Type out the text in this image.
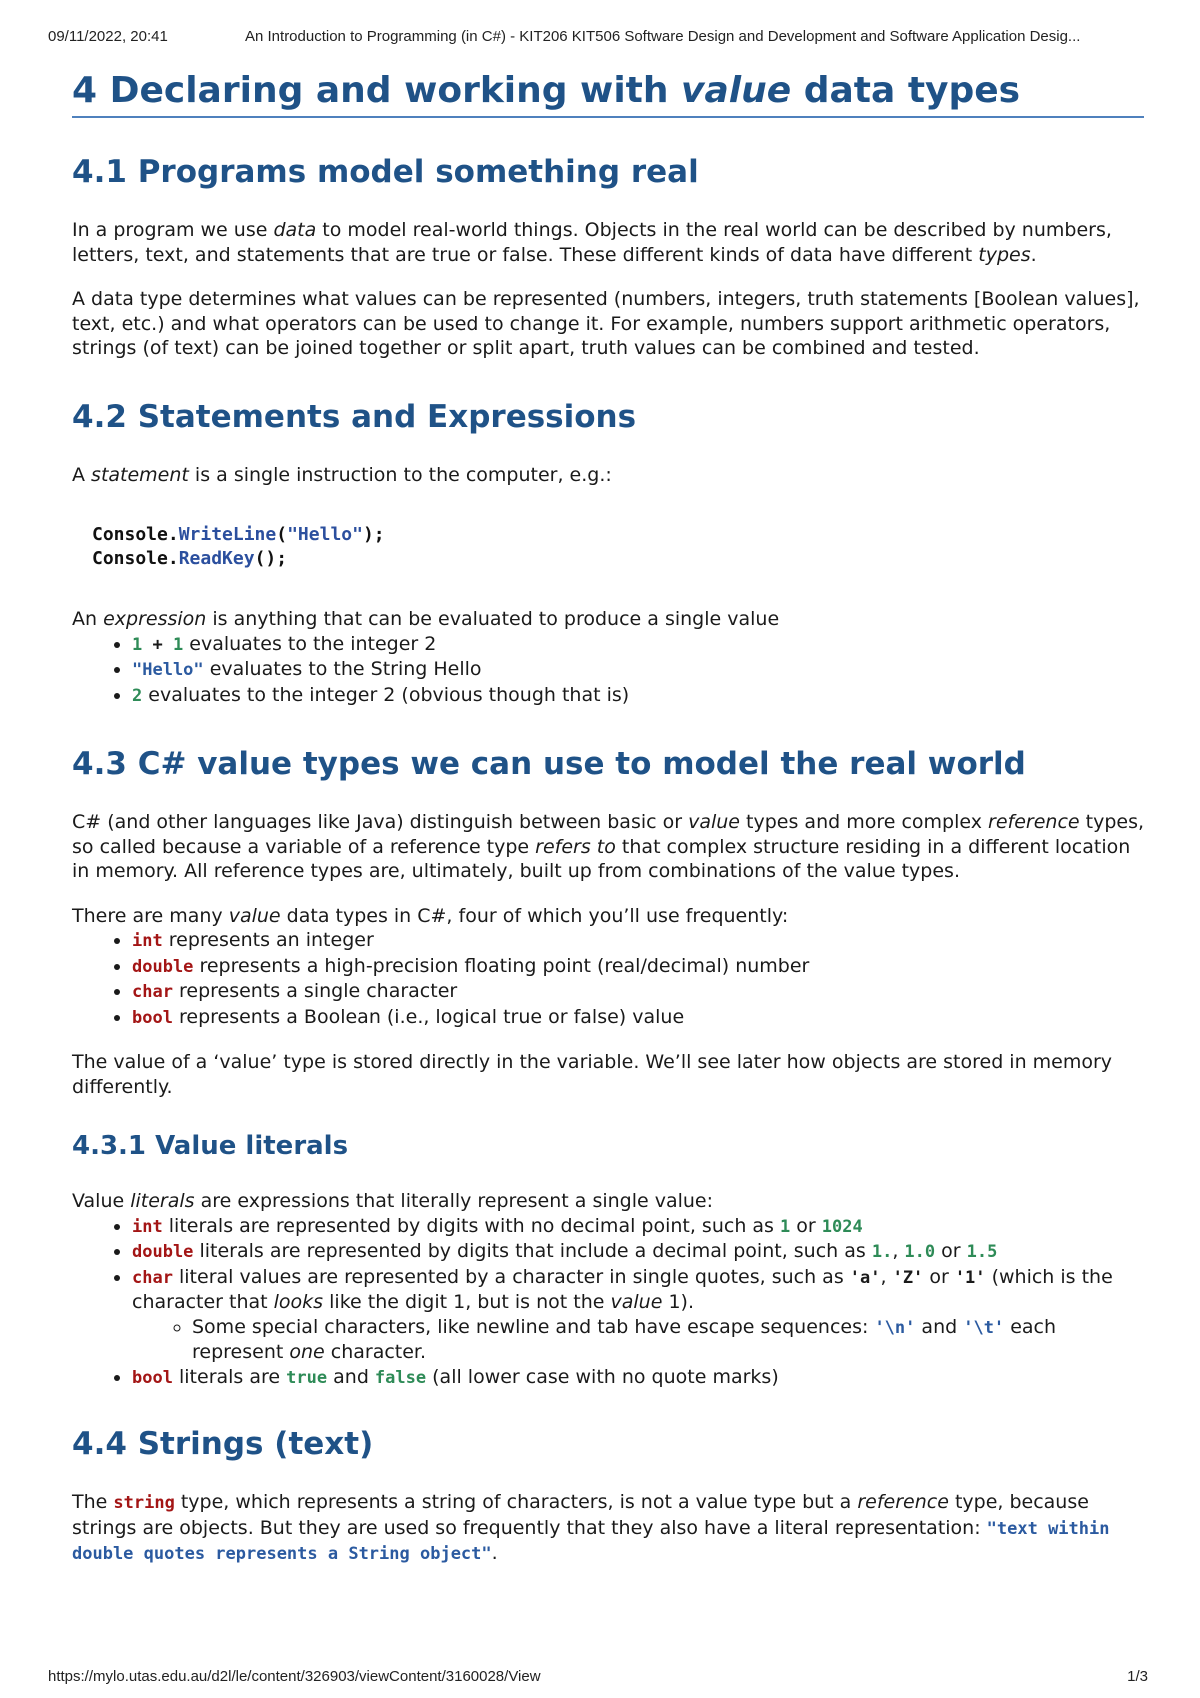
09/11/2022, 20:41	An Introduction to Programming (in C#) - KIT206 KIT506 Software Design and Development and Software Application Desig...
4 Declaring and working with value data types
4.1 Programs model something real

In a program we use data to model real-world things. Objects in the real world can be described by numbers, letters, text, and statements that are true or false. These different kinds of data have different types.

A data type determines what values can be represented (numbers, integers, truth statements [Boolean values], text, etc.) and what operators can be used to change it. For example, numbers support arithmetic operators, strings (of text) can be joined together or split apart, truth values can be combined and tested.

4.2 Statements and Expressions

A statement is a single instruction to the computer, e.g.:

Console.WriteLine("Hello");
Console.ReadKey();

An expression is anything that can be evaluated to produce a single value

• 1 + 1 evaluates to the integer 2
• "Hello" evaluates to the String Hello
• 2 evaluates to the integer 2 (obvious though that is)
4.3 C# value types we can use to model the real world

C# (and other languages like Java) distinguish between basic or value types and more complex reference types, so called because a variable of a reference type refers to that complex structure residing in a different location in memory. All reference types are, ultimately, built up from combinations of the value types.

There are many value data types in C#, four of which you’ll use frequently:

• int represents an integer
• double represents a high-precision floating point (real/decimal) number
• char represents a single character
• bool represents a Boolean (i.e., logical true or false) value

The value of a ‘value’ type is stored directly in the variable. We’ll see later how objects are stored in memory differently.

4.3.1 Value literals

Value literals are expressions that literally represent a single value:

• int literals are represented by digits with no decimal point, such as 1 or 1024
• double literals are represented by digits that include a decimal point, such as 1., 1.0 or 1.5
• char literal values are represented by a character in single quotes, such as 'a', 'Z' or '1' (which is the character that looks like the digit 1, but is not the value 1).
◦ Some special characters, like newline and tab have escape sequences: '\n' and '\t' each represent one character.
• bool literals are true and false (all lower case with no quote marks)
4.4 Strings (text)

The string type, which represents a string of characters, is not a value type but a reference type, because strings are objects. But they are used so frequently that they also have a literal representation: "text within double quotes represents a String object".

https://mylo.utas.edu.au/d2l/le/content/326903/viewContent/3160028/View	1/3
